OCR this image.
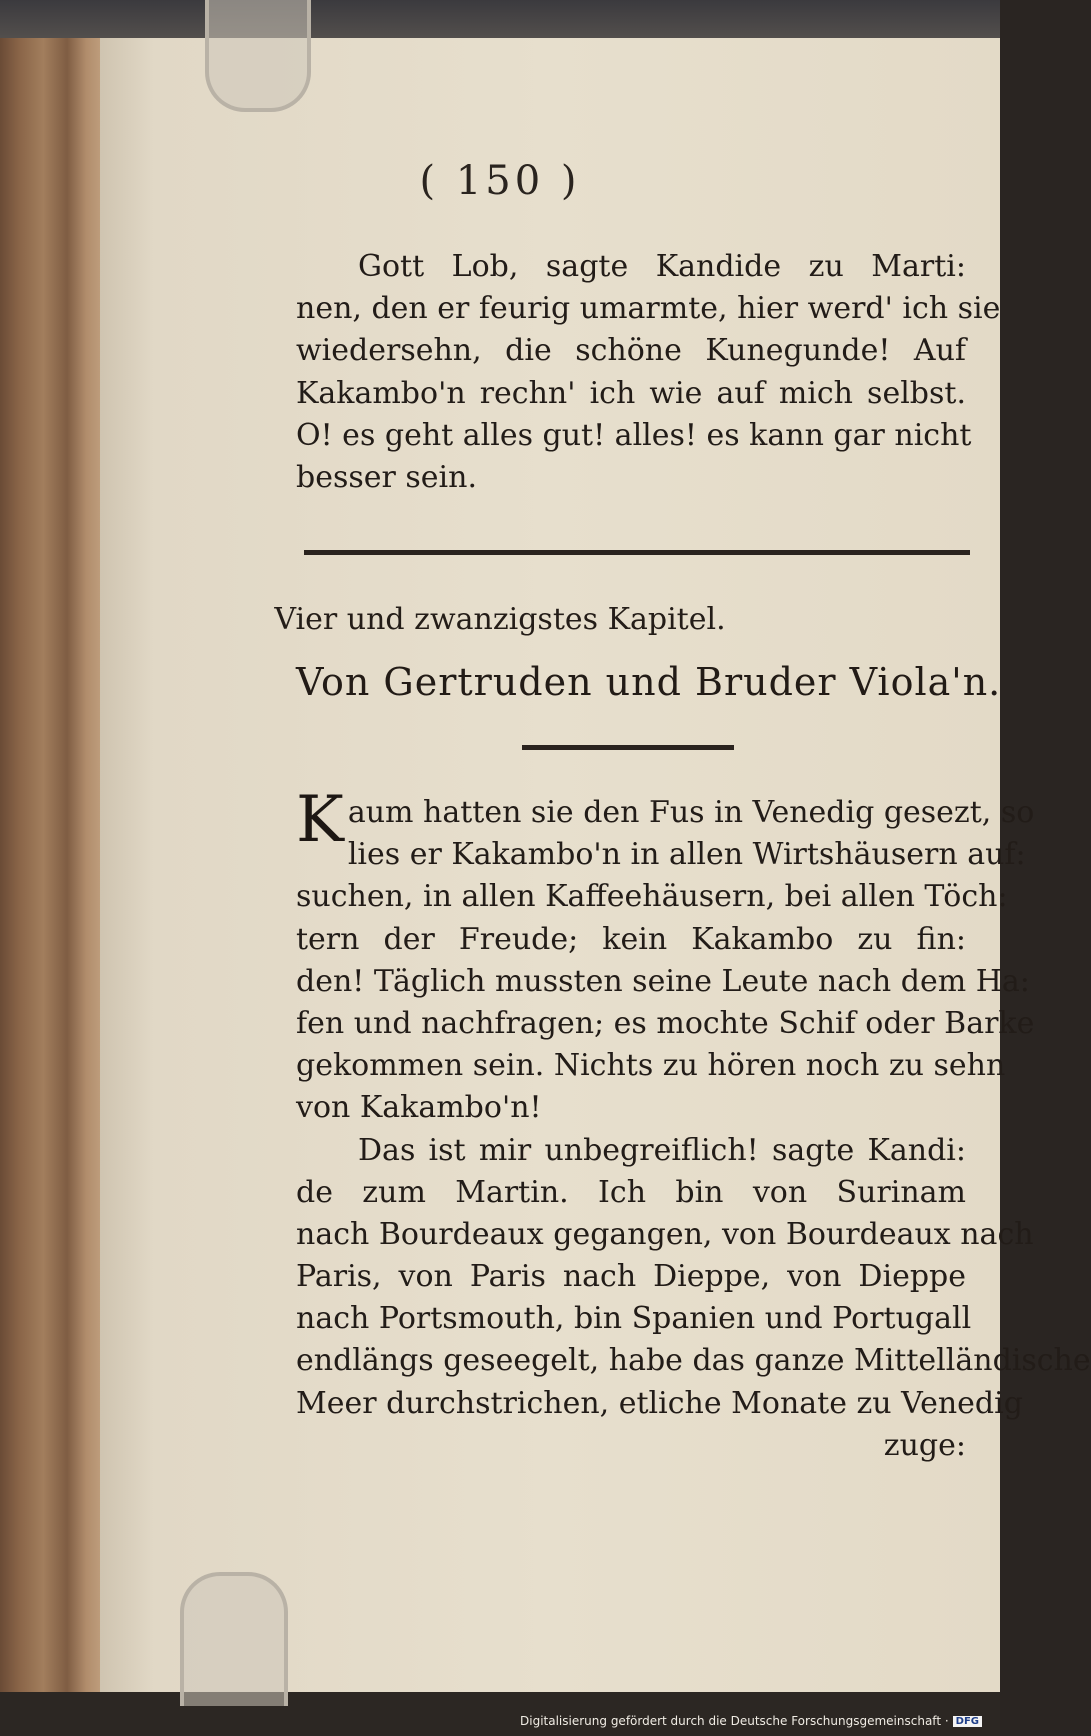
( 150 )
Gott Lob, sagte Kandide zu Marti:
nen, den er feurig umarmte, hier werd' ich sie
wiedersehn, die schöne Kunegunde! Auf
Kakambo'n rechn' ich wie auf mich selbst.
O! es geht alles gut! alles! es kann gar nicht
besser sein.
Vier und zwanzigstes Kapitel.
Von Gertruden und Bruder Viola'n.
Kaum hatten sie den Fus in Venedig gesezt, so
lies er Kakambo'n in allen Wirtshäusern auf:
suchen, in allen Kaffeehäusern, bei allen Töch:
tern der Freude; kein Kakambo zu fin:
den! Täglich mussten seine Leute nach dem Ha:
fen und nachfragen; es mochte Schif oder Barke
gekommen sein. Nichts zu hören noch zu sehn
von Kakambo'n!
Das ist mir unbegreiflich! sagte Kandi:
de zum Martin. Ich bin von Surinam
nach Bourdeaux gegangen, von Bourdeaux nach
Paris, von Paris nach Dieppe, von Dieppe
nach Portsmouth, bin Spanien und Portugall
endlängs geseegelt, habe das ganze Mittelländische
Meer durchstrichen, etliche Monate zu Venedig
zuge:
Digitalisierung gefördert durch die Deutsche Forschungsgemeinschaft · DFG
